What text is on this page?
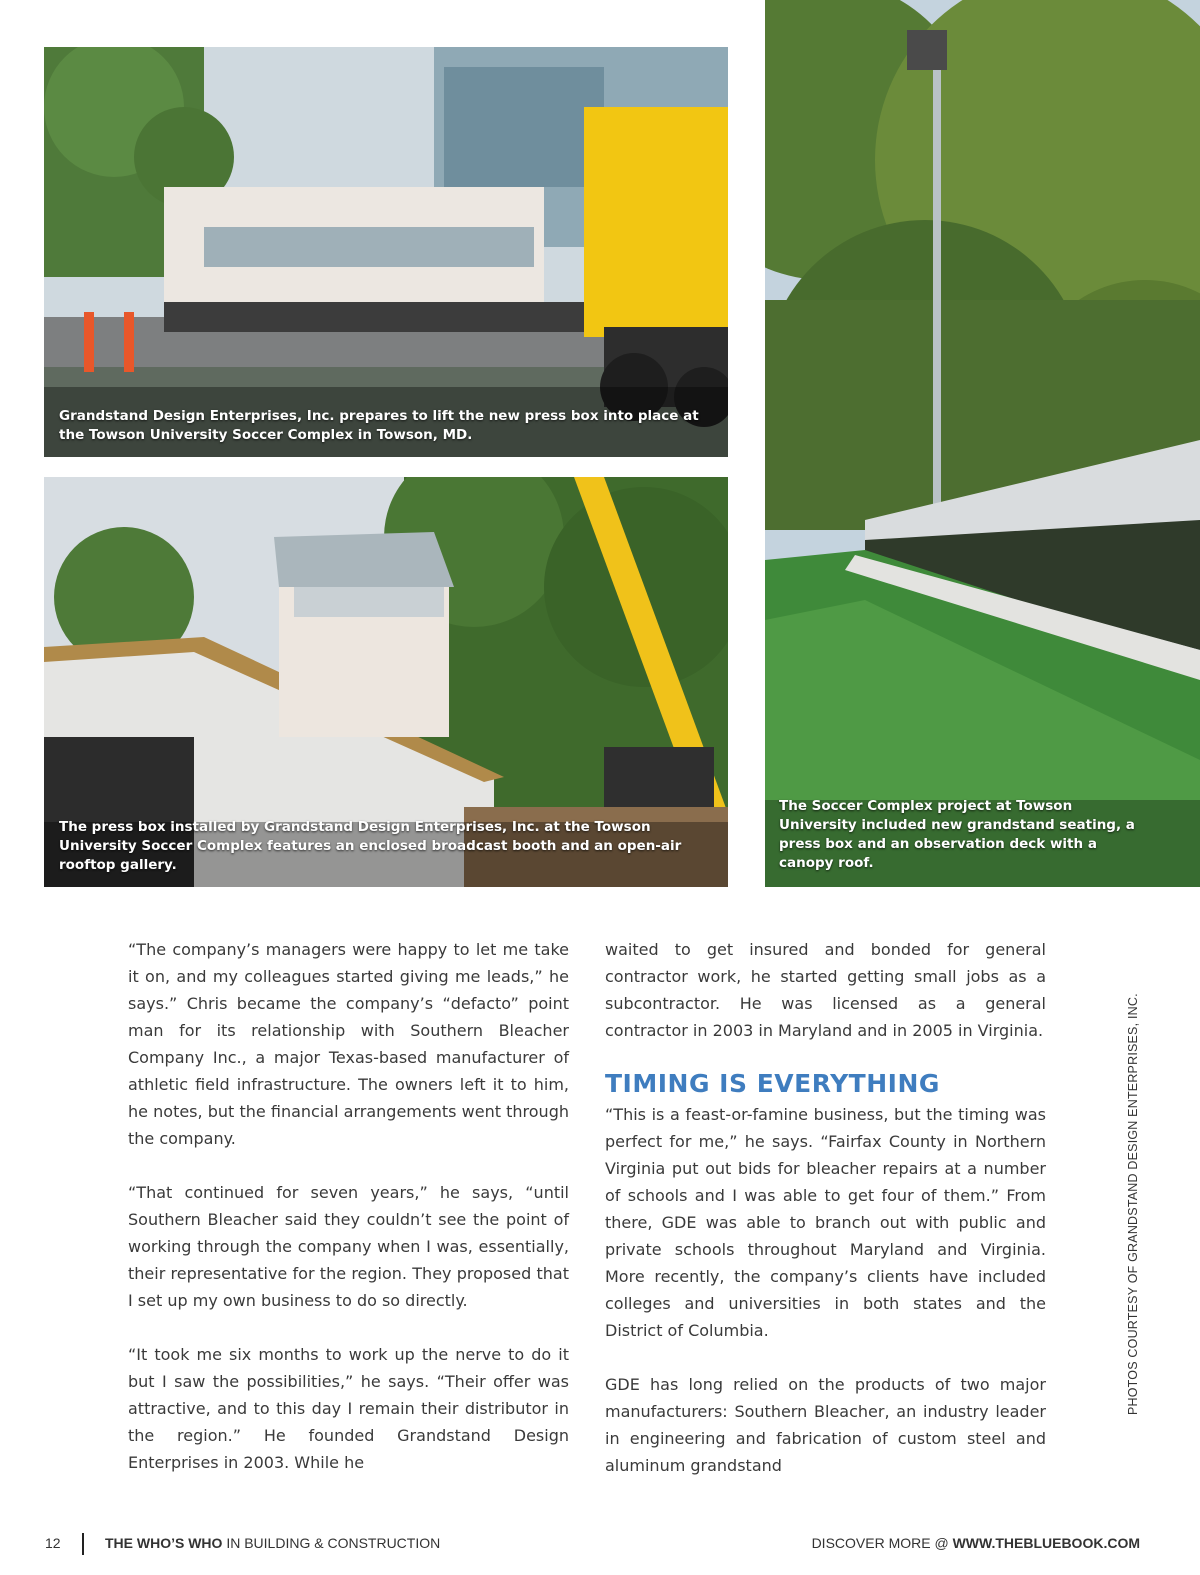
Grandstand Design Enterprises, Inc. prepares to lift the new press box into place at the Towson University Soccer Complex in Towson, MD.
The press box installed by Grandstand Design Enterprises, Inc. at the Towson University Soccer Complex features an enclosed broadcast booth and an open-air rooftop gallery.
The Soccer Complex project at Towson University included new grandstand seating, a press box and an observation deck with a canopy roof.

“The company’s managers were happy to let me take it on, and my colleagues started giving me leads,” he says.” Chris became the company’s “defacto” point man for its relationship with Southern Bleacher Company Inc., a major Texas-based manufacturer of athletic field infrastructure. The owners left it to him, he notes, but the financial arrangements went through the company.

“That continued for seven years,” he says, “until Southern Bleacher said they couldn’t see the point of working through the company when I was, essentially, their representative for the region. They proposed that I set up my own business to do so directly.

“It took me six months to work up the nerve to do it but I saw the possibilities,” he says. “Their offer was attractive, and to this day I remain their distributor in the region.” He founded Grandstand Design Enterprises in 2003. While he

waited to get insured and bonded for general contractor work, he started getting small jobs as a subcontractor. He was licensed as a general contractor in 2003 in Maryland and in 2005 in Virginia.

TIMING IS EVERYTHING

“This is a feast-or-famine business, but the timing was perfect for me,” he says. “Fairfax County in Northern Virginia put out bids for bleacher repairs at a number of schools and I was able to get four of them.” From there, GDE was able to branch out with public and private schools throughout Maryland and Virginia. More recently, the company’s clients have included colleges and universities in both states and the District of Columbia.

GDE has long relied on the products of two major manufacturers: Southern Bleacher, an industry leader in engineering and fabrication of custom steel and aluminum grandstand

PHOTOS COURTESY OF GRANDSTAND DESIGN ENTERPRISES, INC.
12	THE WHO’S WHO IN BUILDING & CONSTRUCTION	DISCOVER MORE @ WWW.THEBLUEBOOK.COM
